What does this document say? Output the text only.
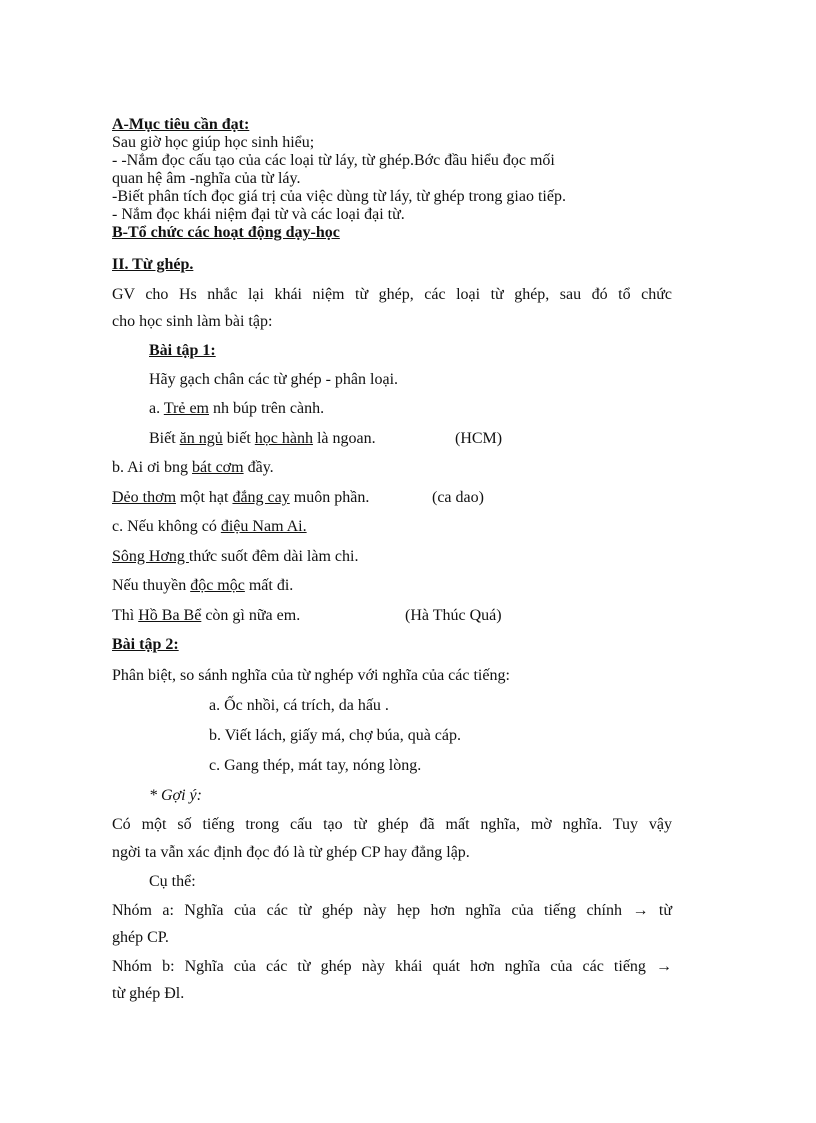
A-Mục tiêu cần đạt:
Sau giờ học giúp học sinh hiểu;
- -Nắm đọc cấu tạo của các loại từ láy, từ ghép.Bớc đầu hiểu đọc mối
quan hệ âm -nghĩa của từ láy.
-Biết phân tích đọc giá trị của việc dùng từ láy, từ ghép trong giao tiếp.
- Nắm đọc khái niệm đại từ và các loại đại từ.
B-Tổ chức các hoạt động dạy-học
II. Từ ghép.
GV cho Hs nhắc lại khái niệm từ ghép, các loại từ ghép, sau đó tổ chức
cho học sinh làm bài tập:
Bài tập 1:
Hãy gạch chân các từ ghép - phân loại.
a. Trẻ em nh búp trên cành.
Biết ăn ngủ biết học hành là ngoan.	(HCM)
b. Ai ơi bng bát cơm đầy.
Dẻo thơm một hạt đắng cay muôn phần.	(ca dao)
c. Nếu không có điệu Nam Ai.
Sông Hơng thức suốt đêm dài làm chi.
Nếu thuyền độc mộc mất đi.
Thì Hồ Ba Bể còn gì nữa em.	(Hà Thúc Quá)
Bài tập 2:
Phân biệt, so sánh nghĩa của từ nghép với nghĩa của các tiếng:
a. Ốc nhồi, cá trích, da hấu .
b. Viết lách, giấy má, chợ búa, quà cáp.
c. Gang thép, mát tay, nóng lòng.
* Gợi ý:
Có một số tiếng trong cấu tạo từ ghép đã mất nghĩa, mờ nghĩa. Tuy vậy
ngời ta vẫn xác định đọc đó là từ ghép CP hay đẳng lập.
Cụ thể:
Nhóm a: Nghĩa của các từ ghép này hẹp hơn nghĩa của tiếng chính → từ
ghép CP.
Nhóm b: Nghĩa của các từ ghép này khái quát hơn nghĩa của các tiếng →
từ ghép Đl.
